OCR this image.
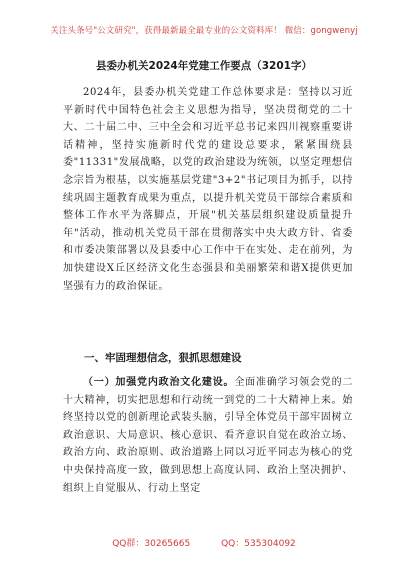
关注头条号"公文研究"，获得最新最全最专业的公文资料库！ 微信：gongwenyj
县委办机关2024年党建工作要点（3201字）
2024年，县委办机关党建工作总体要求是：坚持以习近平新时代中国特色社会主义思想为指导，坚决贯彻党的二十大、二十届二中、三中全会和习近平总书记来四川视察重要讲话精神，坚持实施新时代党的建设总要求，紧紧围绕县委"11331"发展战略，以党的政治建设为统领，以坚定理想信念宗旨为根基，以实施基层党建"3+2"书记项目为抓手，以持续巩固主题教育成果为重点，以提升机关党员干部综合素质和整体工作水平为落脚点，开展"机关基层组织建设质量提升年"活动，推动机关党员干部在贯彻落实中央大政方针、省委和市委决策部署以及县委中心工作中干在实处、走在前列，为加快建设X丘区经济文化生态强县和美丽繁荣和谐X提供更加坚强有力的政治保证。
一、牢固理想信念，狠抓思想建设
（一）加强党内政治文化建设。全面准确学习领会党的二十大精神，切实把思想和行动统一到党的二十大精神上来。始终坚持以党的创新理论武装头脑，引导全体党员干部牢固树立政治意识、大局意识、核心意识、看齐意识自觉在政治立场、政治方向、政治原则、政治道路上同以习近平同志为核心的党中央保持高度一致，做到思想上高度认同、政治上坚决拥护、组织上自觉服从、行动上坚定
QQ群：30265665	QQ：535304092
